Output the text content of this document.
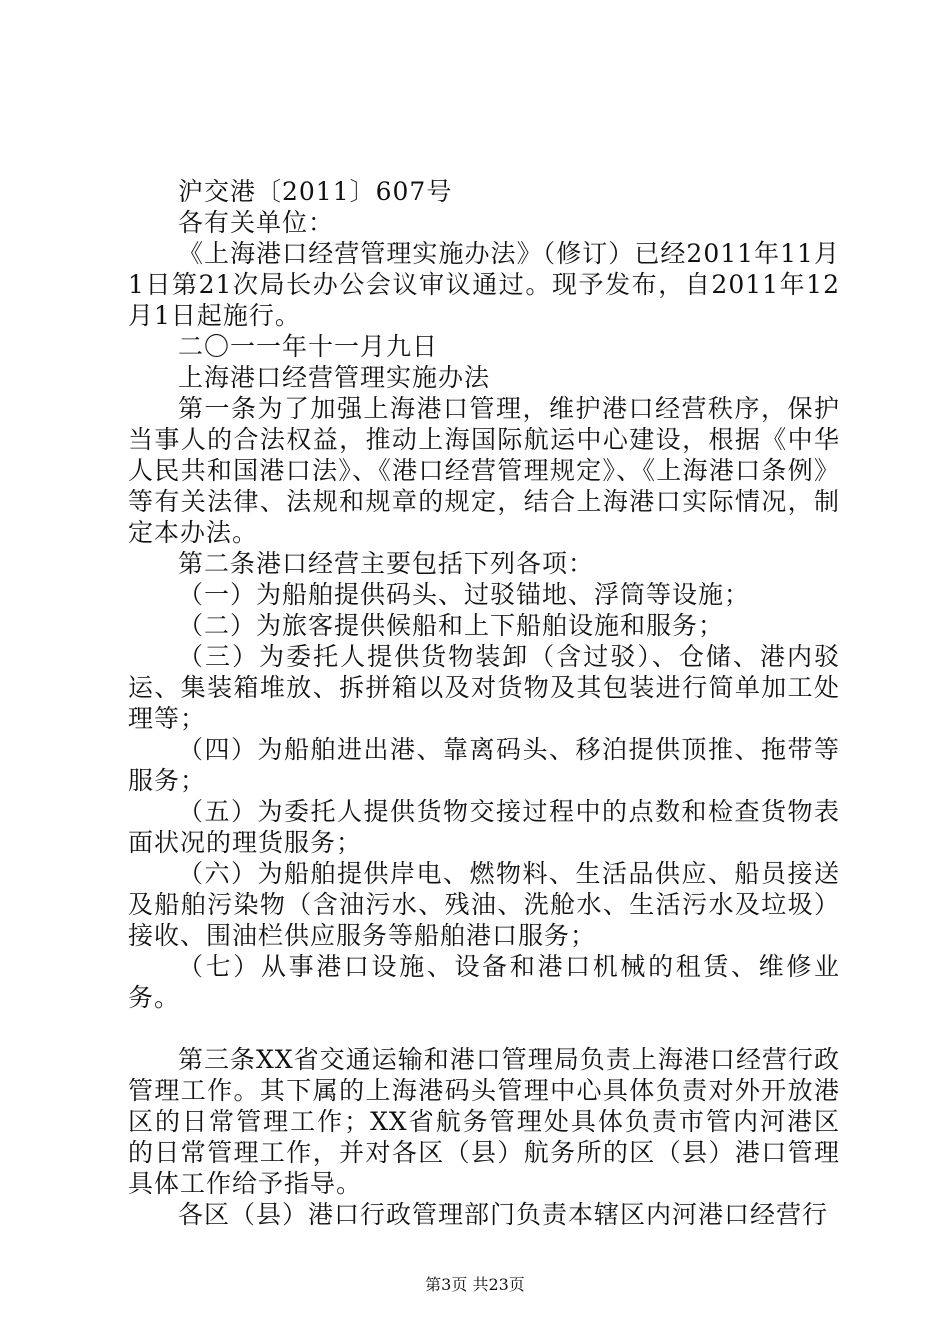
沪交港〔2011〕607号

各有关单位：

《上海港口经营管理实施办法》（修订）已经2011年11月1日第21次局长办公会议审议通过。现予发布，自2011年12月1日起施行。

二〇一一年十一月九日

上海港口经营管理实施办法

第一条为了加强上海港口管理，维护港口经营秩序，保护当事人的合法权益，推动上海国际航运中心建设，根据《中华人民共和国港口法》、《港口经营管理规定》、《上海港口条例》等有关法律、法规和规章的规定，结合上海港口实际情况，制定本办法。

第二条港口经营主要包括下列各项：

（一）为船舶提供码头、过驳锚地、浮筒等设施；

（二）为旅客提供候船和上下船舶设施和服务；

（三）为委托人提供货物装卸（含过驳）、仓储、港内驳运、集装箱堆放、拆拼箱以及对货物及其包装进行简单加工处理等；

（四）为船舶进出港、靠离码头、移泊提供顶推、拖带等服务；

（五）为委托人提供货物交接过程中的点数和检查货物表面状况的理货服务；

（六）为船舶提供岸电、燃物料、生活品供应、船员接送及船舶污染物（含油污水、残油、洗舱水、生活污水及垃圾）接收、围油栏供应服务等船舶港口服务；

（七）从事港口设施、设备和港口机械的租赁、维修业务。

第三条XX省交通运输和港口管理局负责上海港口经营行政管理工作。其下属的上海港码头管理中心具体负责对外开放港区的日常管理工作；XX省航务管理处具体负责市管内河港区的日常管理工作，并对各区（县）航务所的区（县）港口管理具体工作给予指导。

各区（县）港口行政管理部门负责本辖区内河港口经营行

第3页 共23页
